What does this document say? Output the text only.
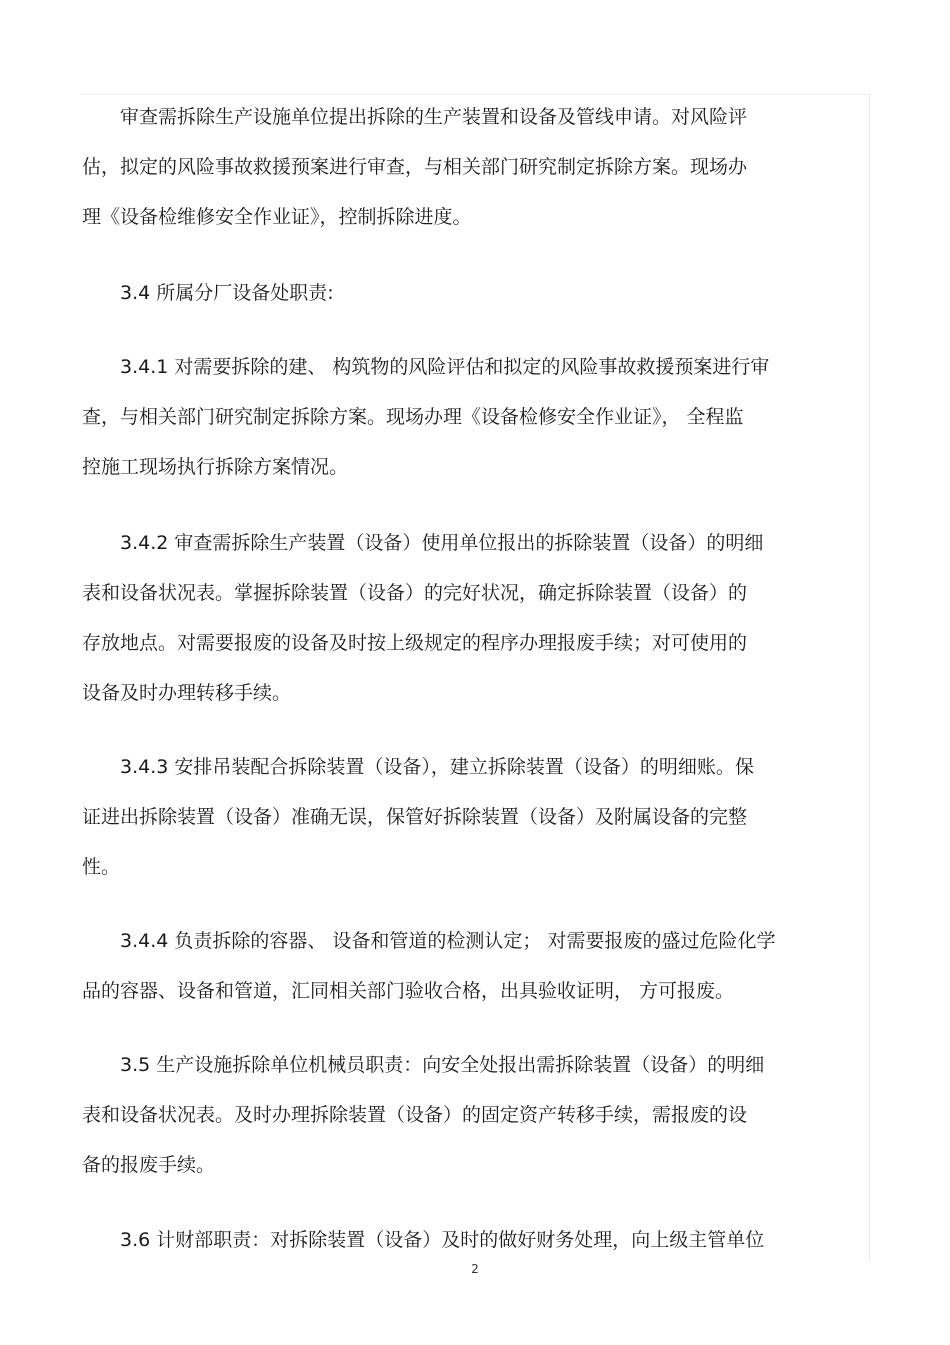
审查需拆除生产设施单位提出拆除的生产装置和设备及管线申请。对风险评
估，拟定的风险事故救援预案进行审查，与相关部门研究制定拆除方案。现场办
理《设备检维修安全作业证》，控制拆除进度。

3.4 所属分厂设备处职责:

3.4.1 对需要拆除的建、 构筑物的风险评估和拟定的风险事故救援预案进行审
查，与相关部门研究制定拆除方案。现场办理《设备检修安全作业证》， 全程监
控施工现场执行拆除方案情况。

3.4.2 审查需拆除生产装置（设备）使用单位报出的拆除装置（设备）的明细
表和设备状况表。掌握拆除装置（设备）的完好状况，确定拆除装置（设备）的
存放地点。对需要报废的设备及时按上级规定的程序办理报废手续；对可使用的
设备及时办理转移手续。

3.4.3 安排吊装配合拆除装置（设备），建立拆除装置（设备）的明细账。保
证进出拆除装置（设备）准确无误，保管好拆除装置（设备）及附属设备的完整
性。

3.4.4 负责拆除的容器、 设备和管道的检测认定； 对需要报废的盛过危险化学
品的容器、设备和管道，汇同相关部门验收合格，出具验收证明， 方可报废。

3.5 生产设施拆除单位机械员职责：向安全处报出需拆除装置（设备）的明细
表和设备状况表。及时办理拆除装置（设备）的固定资产转移手续，需报废的设
备的报废手续。

3.6 计财部职责：对拆除装置（设备）及时的做好财务处理，向上级主管单位

2
